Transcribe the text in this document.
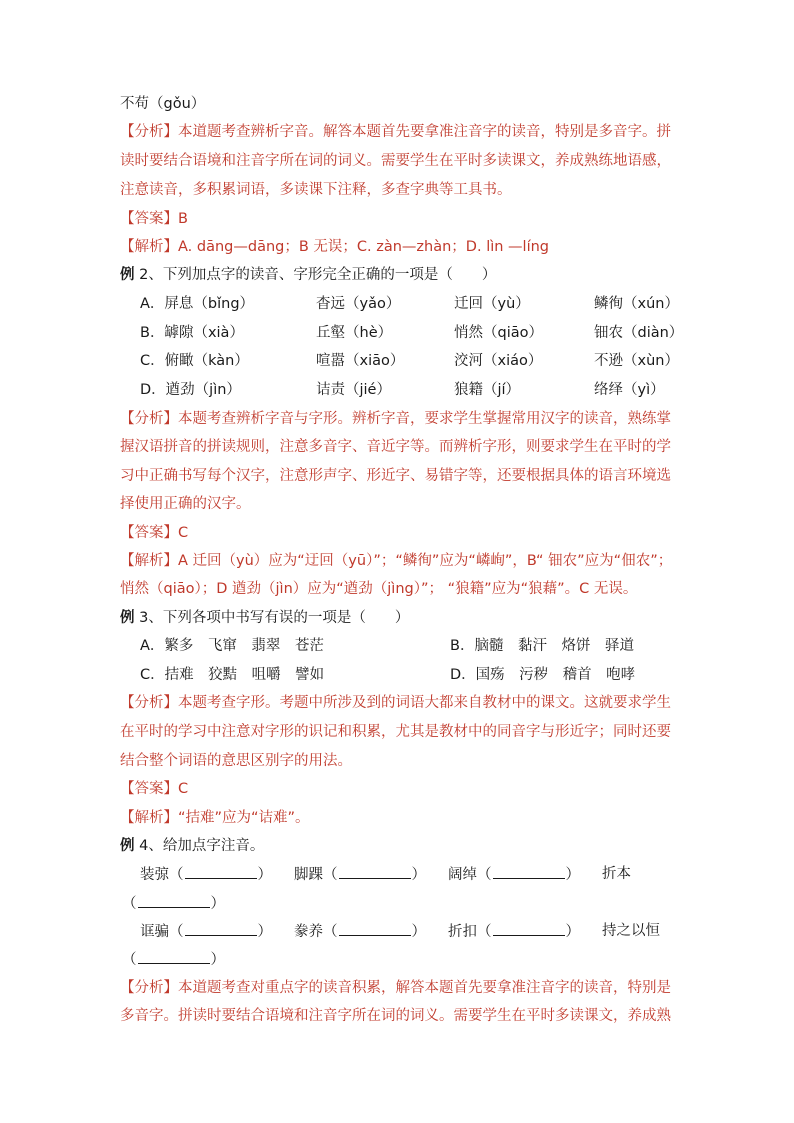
不苟（gǒu）
【分析】本道题考查辨析字音。解答本题首先要拿准注音字的读音，特别是多音字。拼
读时要结合语境和注音字所在词的词义。需要学生在平时多读课文，养成熟练地语感，
注意读音，多积累词语，多读课下注释，多查字典等工具书。
【答案】B
【解析】A. dāng—dāng；B 无误；C. zàn—zhàn；D. lìn —líng
例 2、下列加点字的读音、字形完全正确的一项是（　　）
A．屏息（bǐng）	杳远（yǎo）	迁回（yù）	鳞徇（xún）
B．罅隙（xià）	丘壑（hè）	悄然（qiāo）	钿农（diàn）
C．俯瞰（kàn）	喧嚣（xiāo）	洨河（xiáo）	不逊（xùn）
D．遒劲（jìn）	诘责（jié）	狼籍（jí）	络绎（yì）
【分析】本题考查辨析字音与字形。辨析字音，要求学生掌握常用汉字的读音，熟练掌
握汉语拼音的拼读规则，注意多音字、音近字等。而辨析字形，则要求学生在平时的学
习中正确书写每个汉字，注意形声字、形近字、易错字等，还要根据具体的语言环境选
择使用正确的汉字。
【答案】C
【解析】A 迁回（yù）应为“迂回（yū）”；“鳞徇”应为“嶙峋”，B“ 钿农”应为“佃农”；
悄然（qiāo）；D 遒劲（jìn）应为“遒劲（jìng）”； “狼籍”应为“狼藉”。C 无误。
例 3、下列各项中书写有误的一项是（　　）
A．繁多　飞窜　翡翠　苍茫	B．脑髓　黏汗　烙饼　驿道
C．拮难　狡黠　咀嚼　譬如	D．国殇　污秽　稽首　咆哮
【分析】本题考查字形。考题中所涉及到的词语大都来自教材中的课文。这就要求学生
在平时的学习中注意对字形的识记和积累，尤其是教材中的同音字与形近字；同时还要
结合整个词语的意思区别字的用法。
【答案】C
【解析】“拮难”应为“诘难”。
例 4、给加点字注音。
装弶（	） 脚踝（	） 阔绰（	） 折本
（	）
诓骗（	） 豢养（	） 折扣（	） 持之以恒
（	）
【分析】本道题考查对重点字的读音积累，解答本题首先要拿准注音字的读音，特别是
多音字。拼读时要结合语境和注音字所在词的词义。需要学生在平时多读课文，养成熟
